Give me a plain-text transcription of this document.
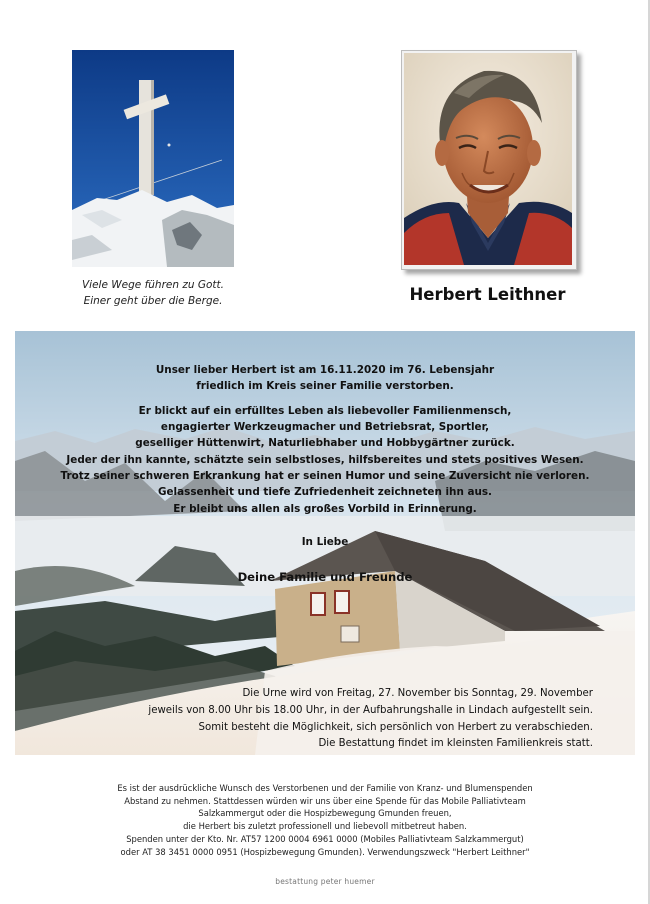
Viele Wege führen zu Gott.
Einer geht über die Berge.	Herbert Leithner

Unser lieber Herbert ist am 16.11.2020 im 76. Lebensjahr

friedlich im Kreis seiner Familie verstorben.

Er blickt auf ein erfülltes Leben als liebevoller Familienmensch,

engagierter Werkzeugmacher und Betriebsrat, Sportler,

geselliger Hüttenwirt, Naturliebhaber und Hobbygärtner zurück.

Jeder der ihn kannte, schätzte sein selbstloses, hilfsbereites und stets positives Wesen.

Trotz seiner schweren Erkrankung hat er seinen Humor und seine Zuversicht nie verloren.

Gelassenheit und tiefe Zufriedenheit zeichneten ihn aus.

Er bleibt uns allen als großes Vorbild in Erinnerung.

In Liebe
Deine Familie und Freunde

Die Urne wird von Freitag, 27. November bis Sonntag, 29. November

jeweils von 8.00 Uhr bis 18.00 Uhr, in der Aufbahrungshalle in Lindach aufgestellt sein.

Somit besteht die Möglichkeit, sich persönlich von Herbert zu verabschieden.

Die Bestattung findet im kleinsten Familienkreis statt.

Es ist der ausdrückliche Wunsch des Verstorbenen und der Familie von Kranz- und Blumenspenden

Abstand zu nehmen. Stattdessen würden wir uns über eine Spende für das Mobile Palliativteam

Salzkammergut oder die Hospizbewegung Gmunden freuen,

die Herbert bis zuletzt professionell und liebevoll mitbetreut haben.

Spenden unter der Kto. Nr. AT57 1200 0004 6961 0000 (Mobiles Palliativteam Salzkammergut)

oder AT 38 3451 0000 0951 (Hospizbewegung Gmunden). Verwendungszweck "Herbert Leithner"

bestattung peter huemer
